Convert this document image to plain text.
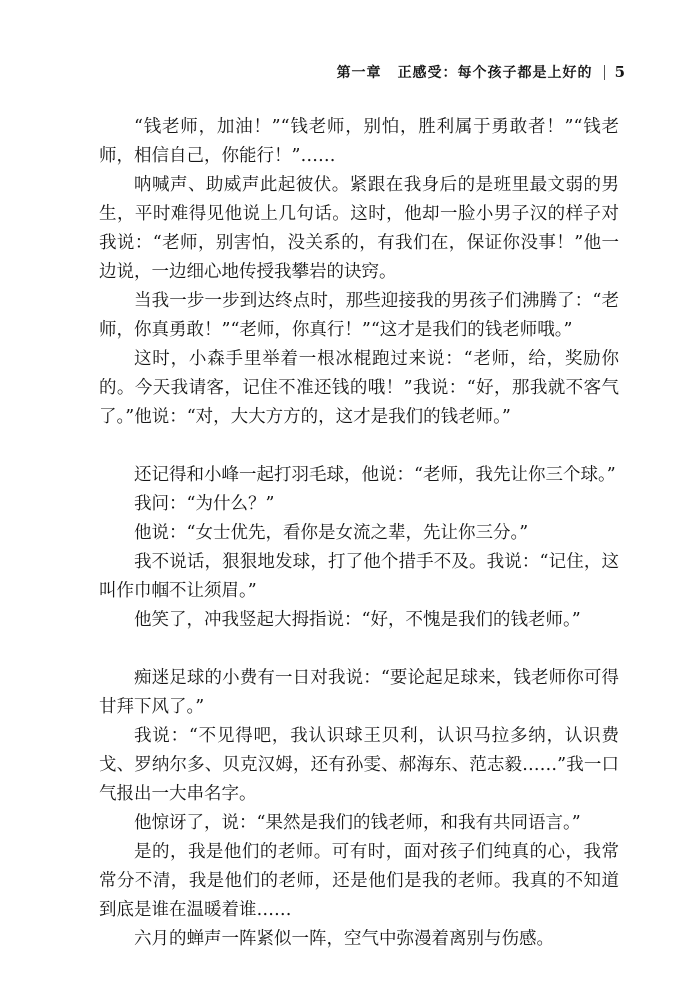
第一章 正感受：每个孩子都是上好的 5

“钱老师，加油！”“钱老师，别怕，胜利属于勇敢者！”“钱老师，相信自己，你能行！”……

呐喊声、助威声此起彼伏。紧跟在我身后的是班里最文弱的男生，平时难得见他说上几句话。这时，他却一脸小男子汉的样子对我说：“老师，别害怕，没关系的，有我们在，保证你没事！”他一边说，一边细心地传授我攀岩的诀窍。

当我一步一步到达终点时，那些迎接我的男孩子们沸腾了：“老师，你真勇敢！”“老师，你真行！”“这才是我们的钱老师哦。”

这时，小森手里举着一根冰棍跑过来说：“老师，给，奖励你的。今天我请客，记住不准还钱的哦！”我说：“好，那我就不客气了。”他说：“对，大大方方的，这才是我们的钱老师。”

还记得和小峰一起打羽毛球，他说：“老师，我先让你三个球。”

我问：“为什么？”

他说：“女士优先，看你是女流之辈，先让你三分。”

我不说话，狠狠地发球，打了他个措手不及。我说：“记住，这叫作巾帼不让须眉。”

他笑了，冲我竖起大拇指说：“好，不愧是我们的钱老师。”

痴迷足球的小费有一日对我说：“要论起足球来，钱老师你可得甘拜下风了。”

我说：“不见得吧，我认识球王贝利，认识马拉多纳，认识费戈、罗纳尔多、贝克汉姆，还有孙雯、郝海东、范志毅……”我一口气报出一大串名字。

他惊讶了，说：“果然是我们的钱老师，和我有共同语言。”

是的，我是他们的老师。可有时，面对孩子们纯真的心，我常常分不清，我是他们的老师，还是他们是我的老师。我真的不知道到底是谁在温暖着谁……

六月的蝉声一阵紧似一阵，空气中弥漫着离别与伤感。
